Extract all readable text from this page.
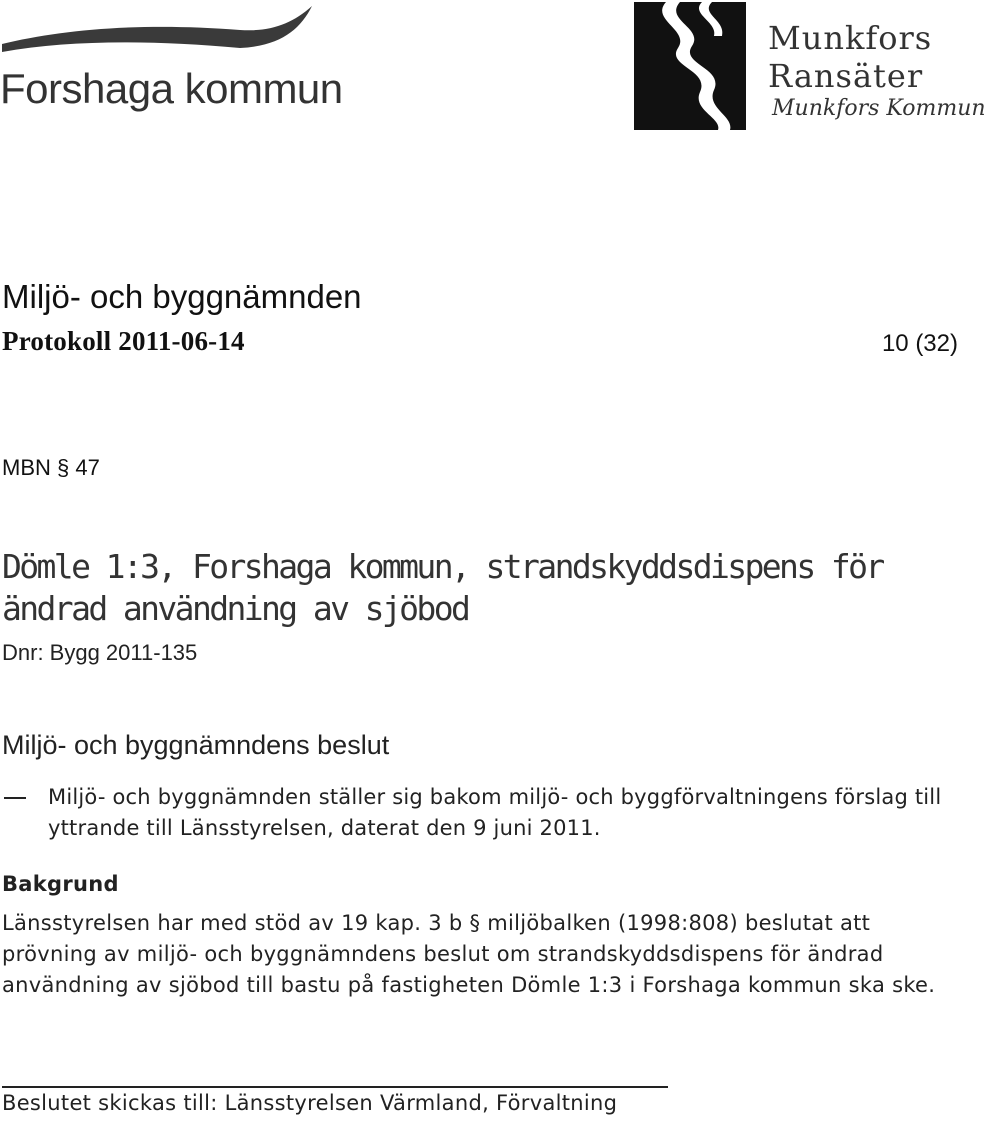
Forshaga kommun
Munkfors
Ransäter
Munkfors Kommun
Miljö- och byggnämnden
Protokoll 2011-06-14	10 (32)
MBN § 47
Dömle 1:3, Forshaga kommun, strandskyddsdispens för ändrad användning av sjöbod
Dnr: Bygg 2011-135
Miljö- och byggnämndens beslut
Miljö- och byggnämnden ställer sig bakom miljö- och byggförvaltningens förslag till yttrande till Länsstyrelsen, daterat den 9 juni 2011.
Bakgrund
Länsstyrelsen har med stöd av 19 kap. 3 b § miljöbalken (1998:808) beslutat att prövning av miljö- och byggnämndens beslut om strandskyddsdispens för ändrad användning av sjöbod till bastu på fastigheten Dömle 1:3 i Forshaga kommun ska ske.
Beslutet skickas till: Länsstyrelsen Värmland, Förvaltning
